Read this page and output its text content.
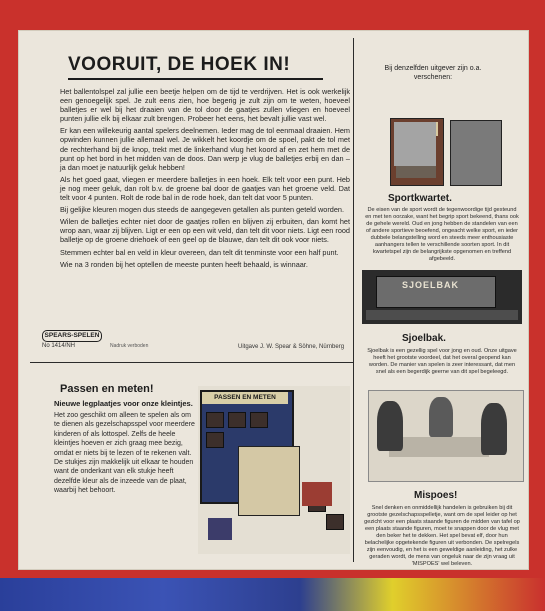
VOORUIT, DE HOEK IN!

Het ballentolspel zal jullie een beetje helpen om de tijd te verdrijven. Het is ook werkelijk een genoegelijk spel. Je zult eens zien, hoe begerig je zult zijn om te weten, hoeveel balletjes er wel bij het draaien van de tol door de gaatjes zullen vliegen en hoeveel punten jullie elk bij elkaar zult brengen. Probeer het eens, het bevalt jullie vast wel.

Er kan een willekeurig aantal spelers deelnemen. Ieder mag de tol eenmaal draaien. Hem opwinden kunnen jullie allemaal wel. Je wikkelt het koordje om de spoel, pakt de tol met de rechterhand bij de knop, trekt met de linkerhand vlug het koord af en zet hem met de punt op het bord in het midden van de doos. Dan werp je vlug de balletjes erbij en dan – ja dan moet je natuurlijk geluk hebben!

Als het goed gaat, vliegen er meerdere balletjes in een hoek. Elk telt voor een punt. Heb je nog meer geluk, dan rolt b.v. de groene bal door de gaatjes van het groene veld. Dat telt voor 4 punten. Rolt de rode bal in de rode hoek, dan telt dat voor 5 punten.

Bij gelijke kleuren mogen dus steeds de aangegeven getallen als punten geteld worden.

Wilen de balletjes echter niet door de gaatjes rollen en blijven zij erbuiten, dan komt het wrop aan, waar zij blijven. Ligt er een op een wit veld, dan telt dit voor niets. Ligt een rood balletje op de groene driehoek of een geel op de blauwe, dan telt dit ook voor niets.

Stemmen echter bal en veld in kleur overeen, dan telt dit tenminste voor een half punt.

Wie na 3 ronden bij het optellen de meeste punten heeft behaald, is winnaar.

SPEARS-SPELEN
No 1414/NH	Nadruk verboden	Uitgave J. W. Spear & Söhne, Nürnberg
Passen en meten!
Nieuwe legplaatjes voor onze kleintjes.
Het zoo geschikt om alleen te spelen als om te dienen als gezelschapsspel voor meerdere kinderen of als lottospel. Zelfs de heele kleintjes hoeven er zich graag mee bezig, omdat er niets bij te lezen of te rekenen valt. De stukjes zijn makkelijk uit elkaar te houden want de onderkant van elk stukje heeft dezelfde kleur als de inzeede van de plaat, waarbij het behoort.
PASSEN EN METEN
Bij denzelfden uitgever zijn o.a. verschenen:
Sportkwartet.
De eisen van de sport wordt de tegenwoordige tijd gesteund en met ten oorzake, want het begrip sport bekeend, thans ook de gehele wereld. Oud en jong hebben de standelen van een of andere sportieve beoefend, ongeacht welke sport, en ieder dubbele belangstelling word en steeds meer enthousiaste aanhangers tellen te verschillende soorten sport. In dit kwartetspel zijn de belangrijkste opgenomen en treffend afgebeeld.
SJOELBAK
Sjoelbak.
Sjoelbak is een gezellig spel voor jong en oud. Onze uitgave heeft het grootste voordeel, dat het overal geopend kan worden. De manier van spelen is zeer interessant, dat men snel als een begerdijk geerne van dit spel begeleegd.
Mispoes!
Snel denken en onmiddellijk handelen is gebruiken bij dit grootste gezelschapsspelletje, want om de spel leider op het gezicht voor een plaats staande figuren de midden van tafel op een plaats staande figuren, moet te snappen door de vlug met den beker het te dekken. Het spel bevat elf, door hun belachelijke opgetekende figuren uit verbonden. De spelregels zijn eenvoudig, en het is een geweldige aanleiding, het zulke geraden wordt, de mens van ongeluk naar de zijn vraag uit 'MISPOES' wel beleven.
